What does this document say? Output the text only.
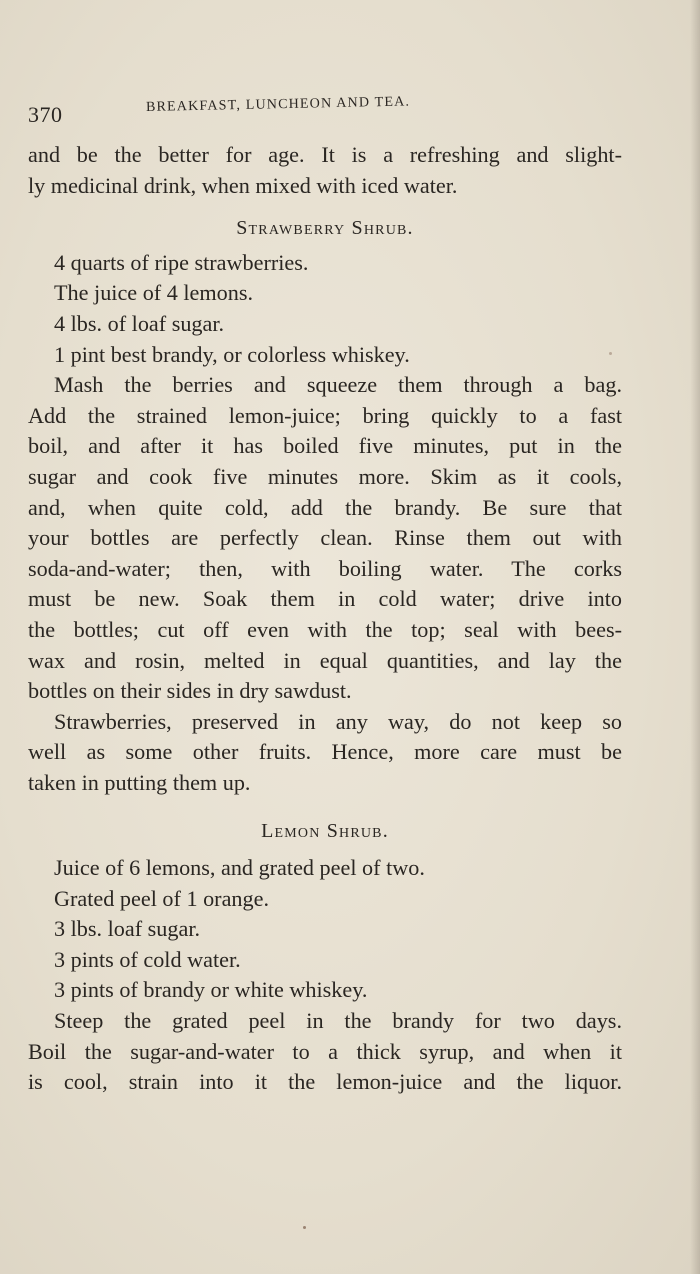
370	BREAKFAST, LUNCHEON AND TEA.
and be the better for age. It is a refreshing and slight-
ly medicinal drink, when mixed with iced water.
Strawberry Shrub.
4 quarts of ripe strawberries.
The juice of 4 lemons.
4 lbs. of loaf sugar.
1 pint best brandy, or colorless whiskey.
Mash the berries and squeeze them through a bag.
Add the strained lemon-juice; bring quickly to a fast
boil, and after it has boiled five minutes, put in the
sugar and cook five minutes more. Skim as it cools,
and, when quite cold, add the brandy. Be sure that
your bottles are perfectly clean. Rinse them out with
soda-and-water; then, with boiling water. The corks
must be new. Soak them in cold water; drive into
the bottles; cut off even with the top; seal with bees-
wax and rosin, melted in equal quantities, and lay the
bottles on their sides in dry sawdust.
Strawberries, preserved in any way, do not keep so
well as some other fruits. Hence, more care must be
taken in putting them up.
Lemon Shrub.
Juice of 6 lemons, and grated peel of two.
Grated peel of 1 orange.
3 lbs. loaf sugar.
3 pints of cold water.
3 pints of brandy or white whiskey.
Steep the grated peel in the brandy for two days.
Boil the sugar-and-water to a thick syrup, and when it
is cool, strain into it the lemon-juice and the liquor.
